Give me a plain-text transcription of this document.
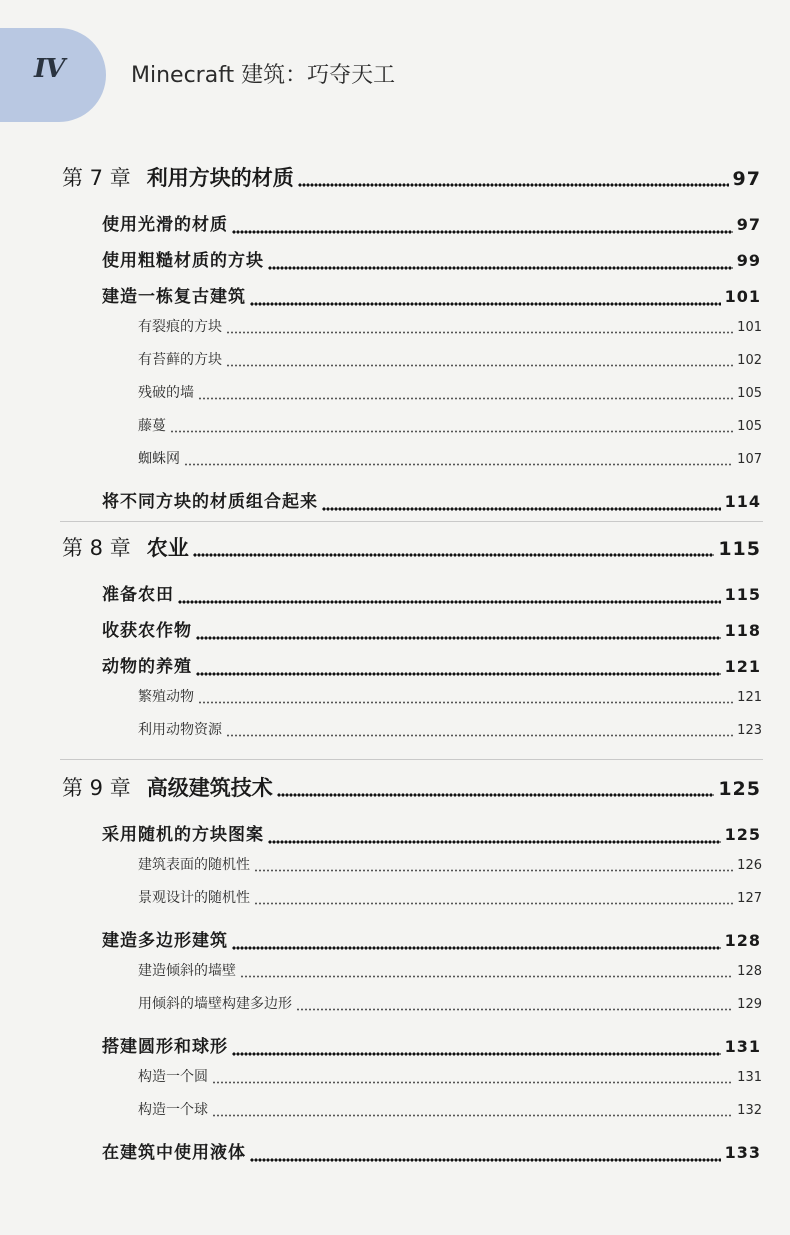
IV	Minecraft 建筑：巧夺天工
第 7 章 利用方块的材质	97
使用光滑的材质	97
使用粗糙材质的方块	99
建造一栋复古建筑	101
有裂痕的方块	101
有苔藓的方块	102
残破的墙	105
藤蔓	105
蜘蛛网	107
将不同方块的材质组合起来	114
第 8 章 农业	115
准备农田	115
收获农作物	118
动物的养殖	121
繁殖动物	121
利用动物资源	123
第 9 章 高级建筑技术	125
采用随机的方块图案	125
建筑表面的随机性	126
景观设计的随机性	127
建造多边形建筑	128
建造倾斜的墙壁	128
用倾斜的墙壁构建多边形	129
搭建圆形和球形	131
构造一个圆	131
构造一个球	132
在建筑中使用液体	133
